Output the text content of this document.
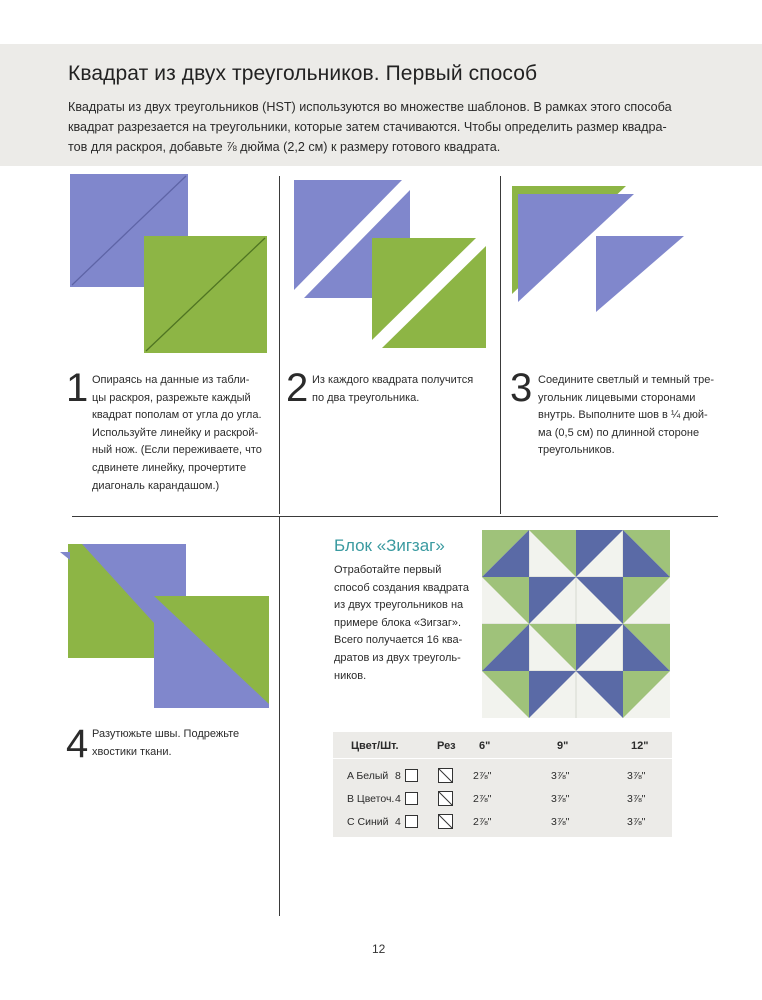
Квадрат из двух треугольников. Первый способ
Квадраты из двух треугольников (HST) используются во множестве шаблонов. В рамках этого способа
квадрат разрезается на треугольники, которые затем стачиваются. Чтобы определить размер квадра-
тов для раскроя, добавьте ⅞ дюйма (2,2 см) к размеру готового квадрата.
1 Опираясь на данные из табли-
цы раскроя, разрежьте каждый
квадрат пополам от угла до угла.
Используйте линейку и раскрой-
ный нож. (Если переживаете, что
сдвинете линейку, прочертите
диагональ карандашом.)
2 Из каждого квадрата получится
по два треугольника.	3 Соедините светлый и темный тре-
угольник лицевыми сторонами
внутрь. Выполните шов в ¼ дюй-
ма (0,5 см) по длинной стороне
треугольников.
4 Разутюжьте швы. Подрежьте
хвостики ткани.
Блок «Зигзаг»
Отработайте первый
способ создания квадрата
из двух треугольников на
примере блока «Зигзаг».
Всего получается 16 ква-
дратов из двух треуголь-
ников.
Цвет/Шт.	Рез 6"	9"	12"
A Белый 8	2⅞"	3⅞"	3⅞"
B Цветоч. 4	2⅞"	3⅞"	3⅞"
C Синий 4	2⅞"	3⅞"	3⅞"
12
